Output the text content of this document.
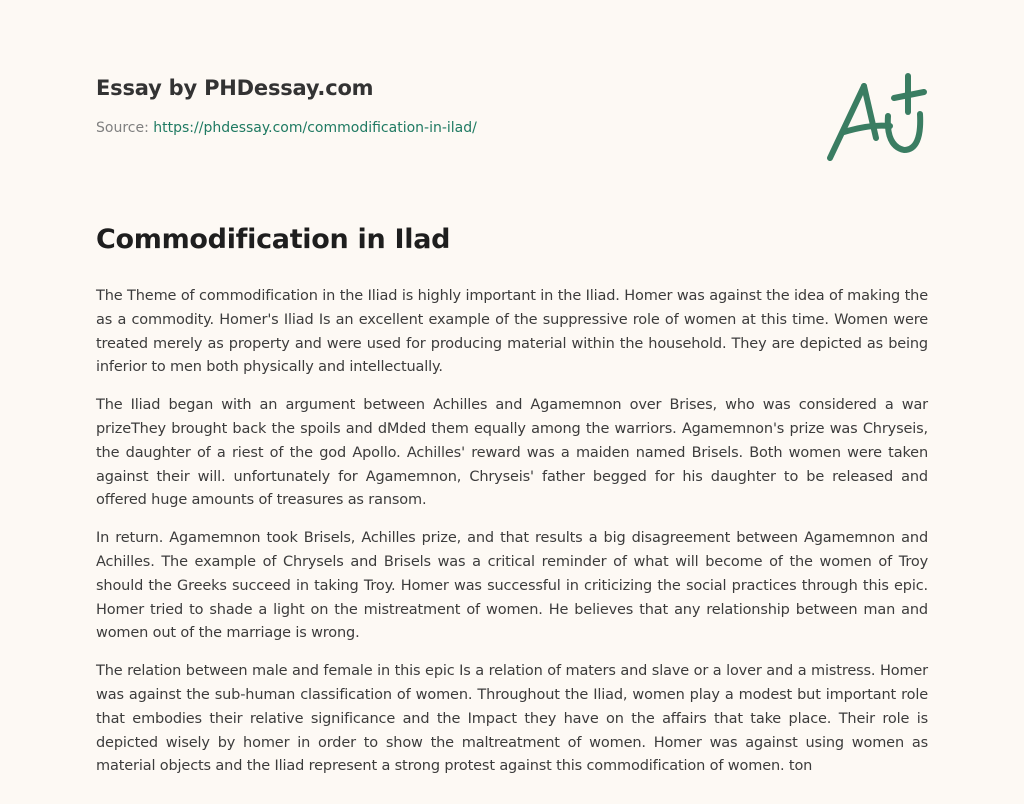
Essay by PHDessay.com
Source: https://phdessay.com/commodification-in-ilad/
Commodification in Ilad

The Theme of commodification in the Iliad is highly important in the Iliad. Homer was against the idea of making the as a commodity. Homer's Iliad Is an excellent example of the suppressive role of women at this time. Women were treated merely as property and were used for producing material within the household. They are depicted as being inferior to men both physically and intellectually.

The Iliad began with an argument between Achilles and Agamemnon over Brises, who was considered a war prizeThey brought back the spoils and dMded them equally among the warriors. Agamemnon's prize was Chryseis, the daughter of a riest of the god Apollo. Achilles' reward was a maiden named Brisels. Both women were taken against their will. unfortunately for Agamemnon, Chryseis' father begged for his daughter to be released and offered huge amounts of treasures as ransom.

In return. Agamemnon took Brisels, Achilles prize, and that results a big disagreement between Agamemnon and Achilles. The example of Chrysels and Brisels was a critical reminder of what will become of the women of Troy should the Greeks succeed in taking Troy. Homer was successful in criticizing the social practices through this epic. Homer tried to shade a light on the mistreatment of women. He believes that any relationship between man and women out of the marriage is wrong.

The relation between male and female in this epic Is a relation of maters and slave or a lover and a mistress. Homer was against the sub-human classification of women. Throughout the Iliad, women play a modest but important role that embodies their relative significance and the Impact they have on the affairs that take place. Their role is depicted wisely by homer in order to show the maltreatment of women. Homer was against using women as material objects and the Iliad represent a strong protest against this commodification of women. ton
